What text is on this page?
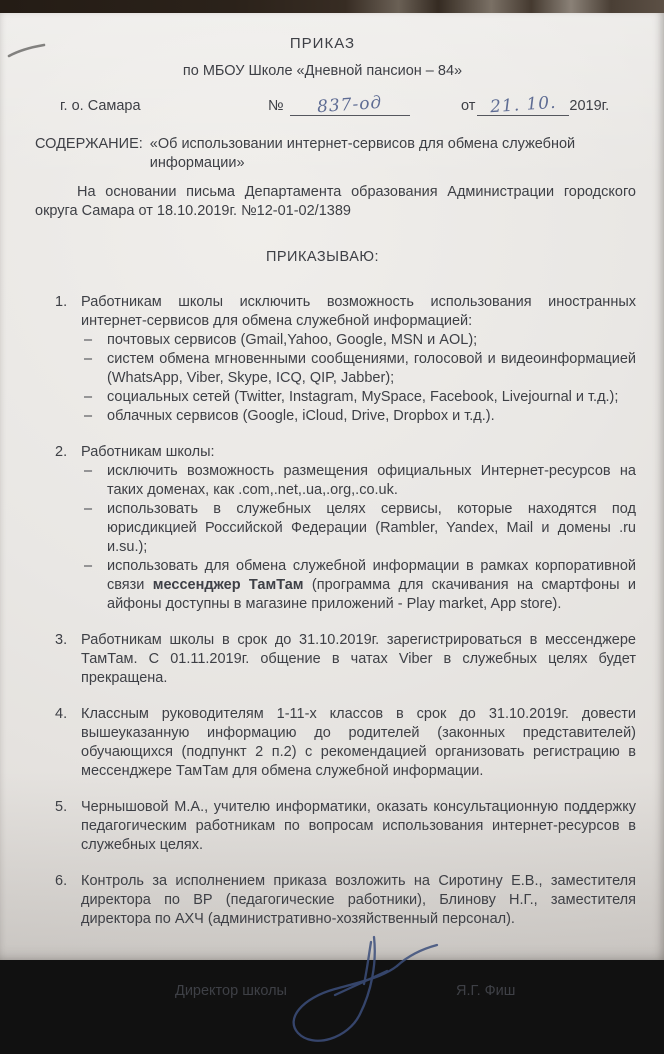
ПРИКАЗ
по МБОУ Школе «Дневной пансион – 84»
г. о. Самара	№ 837-од	от 21. 10. 2019г.
СОДЕРЖАНИЕ: «Об использовании интернет-сервисов для обмена служебной информации»

На основании письма Департамента образования Администрации городского округа Самара от 18.10.2019г. №12-01-02/1389

ПРИКАЗЫВАЮ:
1. Работникам школы исключить возможность использования иностранных интернет-сервисов для обмена служебной информацией:
–	почтовых сервисов (Gmail,Yahoo, Google, MSN и AOL);
–	систем обмена мгновенными сообщениями, голосовой и видеоинформацией (WhatsApp, Viber, Skype, ICQ, QIP, Jabber);
–	социальных сетей (Twitter, Instagram, MySpace, Facebook, Livejournal и т.д.);
–	облачных сервисов (Google, iCloud, Drive, Dropbox и т.д.).
2. Работникам школы:
–	исключить возможность размещения официальных Интернет-ресурсов на таких доменах, как .com,.net,.ua,.org,.co.uk.
–	использовать в служебных целях сервисы, которые находятся под юрисдикцией Российской Федерации (Rambler, Yandex, Mail и домены .ru и.su.);
–	использовать для обмена служебной информации в рамках корпоративной связи мессенджер ТамТам (программа для скачивания на смартфоны и айфоны доступны в магазине приложений - Play market, App store).
3. Работникам школы в срок до 31.10.2019г. зарегистрироваться в мессенджере ТамТам. С 01.11.2019г. общение в чатах Viber в служебных целях будет прекращена.
4. Классным руководителям 1-11-х классов в срок до 31.10.2019г. довести вышеуказанную информацию до родителей (законных представителей) обучающихся (подпункт 2 п.2) с рекомендацией организовать регистрацию в мессенджере ТамТам для обмена служебной информации.
5. Чернышовой М.А., учителю информатики, оказать консультационную поддержку педагогическим работникам по вопросам использования интернет-ресурсов в служебных целях.
6. Контроль за исполнением приказа возложить на Сиротину Е.В., заместителя директора по ВР (педагогические работники), Блинову Н.Г., заместителя директора по АХЧ (административно-хозяйственный персонал).
Директор школы	Я.Г. Фиш
